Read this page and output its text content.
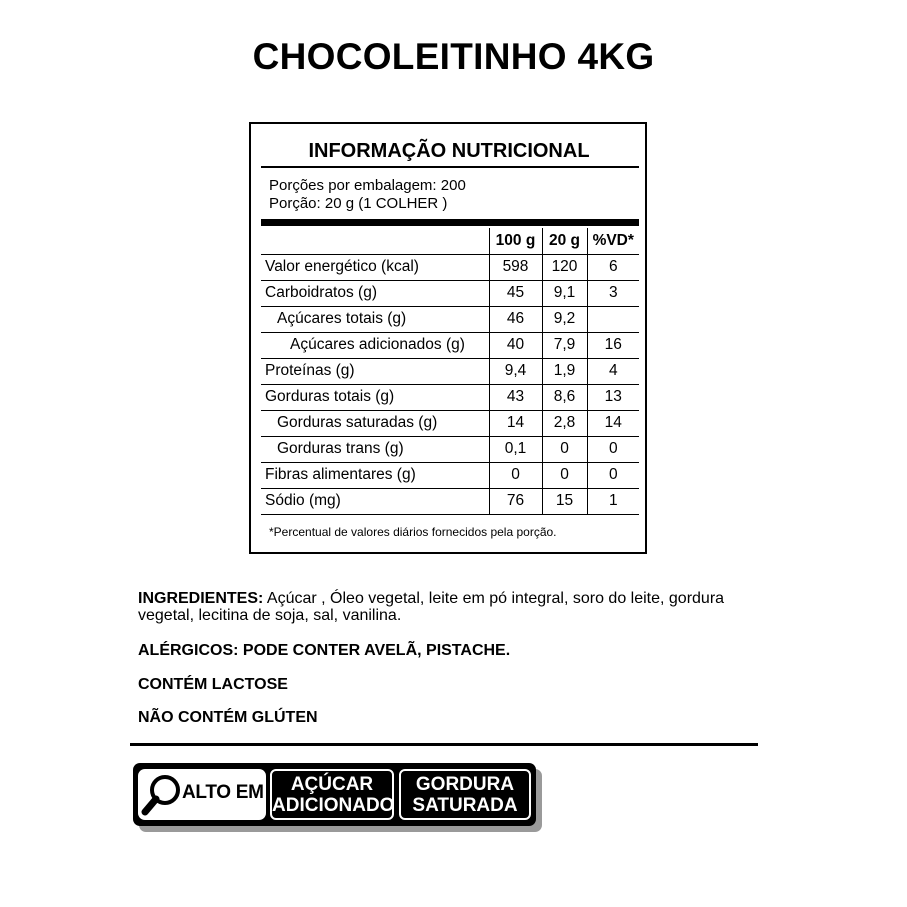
CHOCOLEITINHO 4KG
INFORMAÇÃO NUTRICIONAL
Porções por embalagem: 200
Porção: 20 g (1 COLHER )
	100 g	20 g	%VD*
Valor energético (kcal)	598	120	6
Carboidratos (g)	45	9,1	3
Açúcares totais (g)	46	9,2	
Açúcares adicionados (g)	40	7,9	16
Proteínas (g)	9,4	1,9	4
Gorduras totais (g)	43	8,6	13
Gorduras saturadas (g)	14	2,8	14
Gorduras trans (g)	0,1	0	0
Fibras alimentares (g)	0	0	0
Sódio (mg)	76	15	1
*Percentual de valores diários fornecidos pela porção.
INGREDIENTES: Açúcar , Óleo vegetal, leite em pó integral, soro do leite, gordura vegetal, lecitina de soja, sal, vanilina.
ALÉRGICOS: PODE CONTER AVELÃ, PISTACHE.
CONTÉM LACTOSE
NÃO CONTÉM GLÚTEN
ALTO EM	AÇÚCAR
ADICIONADO
GORDURA
SATURADA
